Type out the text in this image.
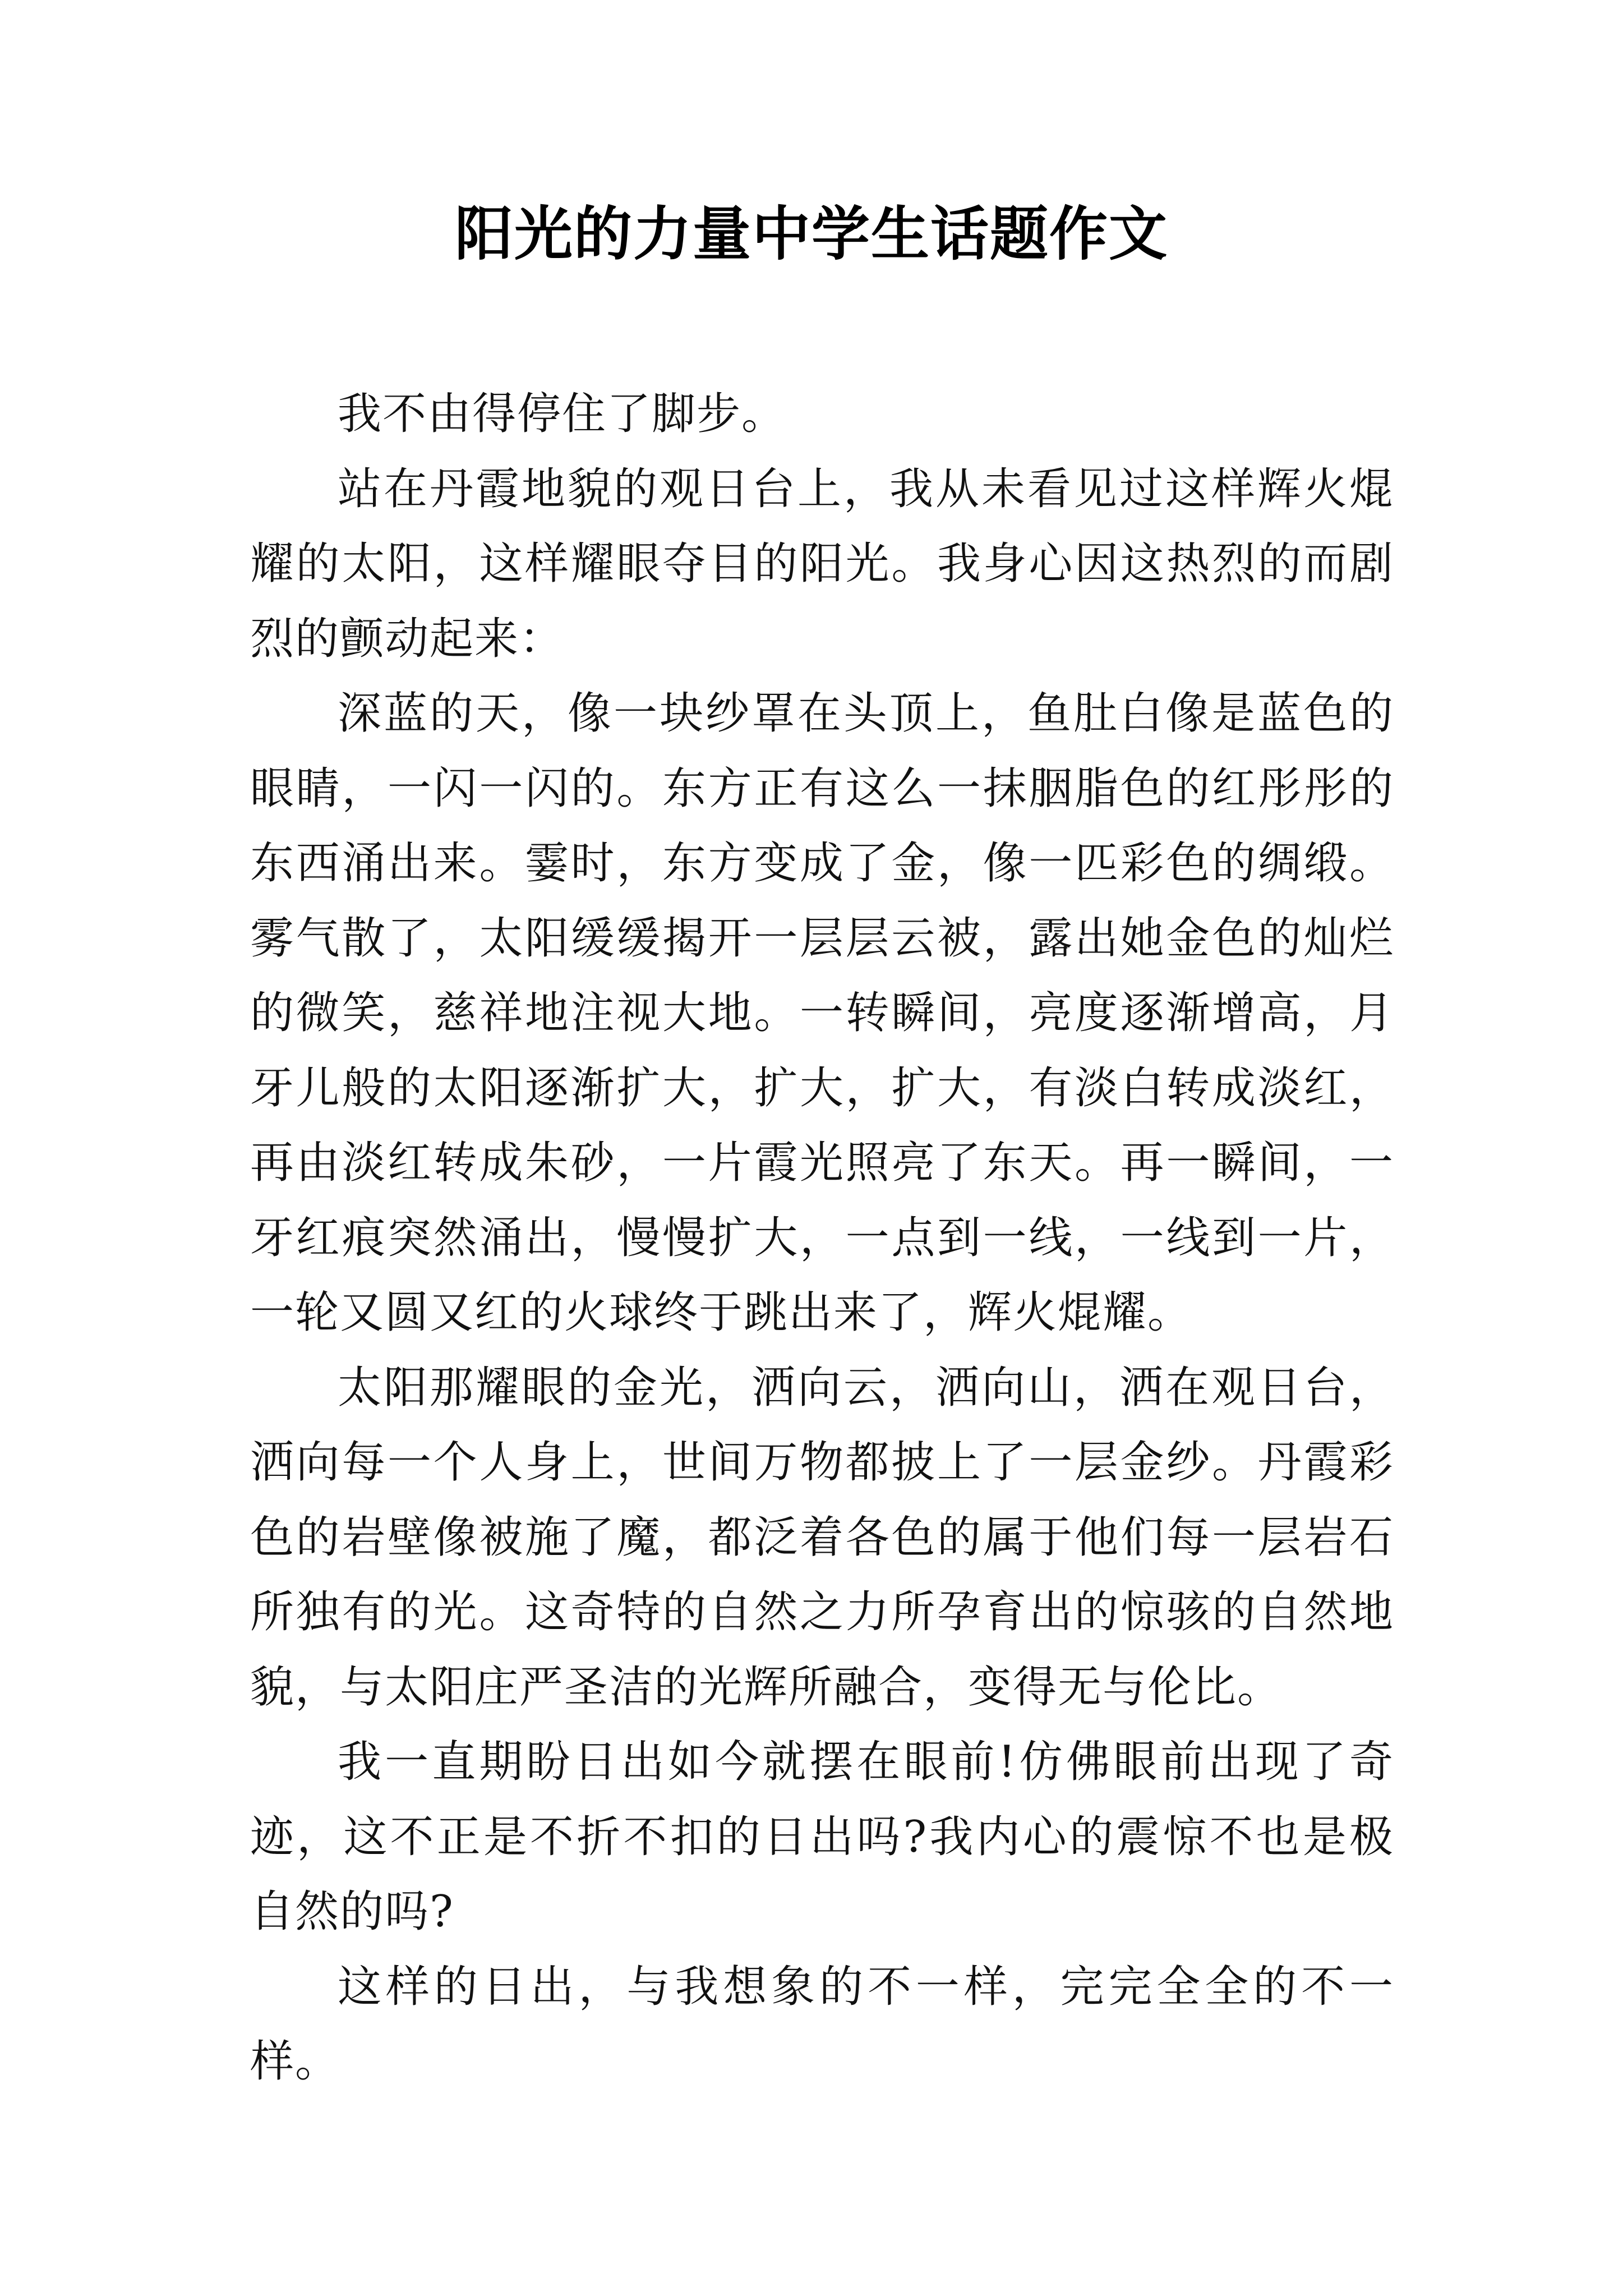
阳光的力量中学生话题作文

我不由得停住了脚步。

站在丹霞地貌的观日台上，我从未看见过这样辉火焜耀的太阳，这样耀眼夺目的阳光。我身心因这热烈的而剧烈的颤动起来：

深蓝的天，像一块纱罩在头顶上，鱼肚白像是蓝色的眼睛，一闪一闪的。东方正有这么一抹胭脂色的红彤彤的东西涌出来。霎时，东方变成了金，像一匹彩色的绸缎。雾气散了，太阳缓缓揭开一层层云被，露出她金色的灿烂的微笑，慈祥地注视大地。一转瞬间，亮度逐渐增高，月牙儿般的太阳逐渐扩大，扩大，扩大，有淡白转成淡红，再由淡红转成朱砂，一片霞光照亮了东天。再一瞬间，一牙红痕突然涌出，慢慢扩大，一点到一线，一线到一片，一轮又圆又红的火球终于跳出来了，辉火焜耀。

太阳那耀眼的金光，洒向云，洒向山，洒在观日台，洒向每一个人身上，世间万物都披上了一层金纱。丹霞彩色的岩壁像被施了魔，都泛着各色的属于他们每一层岩石所独有的光。这奇特的自然之力所孕育出的惊骇的自然地貌，与太阳庄严圣洁的光辉所融合，变得无与伦比。

我一直期盼日出如今就摆在眼前!仿佛眼前出现了奇迹，这不正是不折不扣的日出吗?我内心的震惊不也是极自然的吗?

这样的日出，与我想象的不一样，完完全全的不一样。
